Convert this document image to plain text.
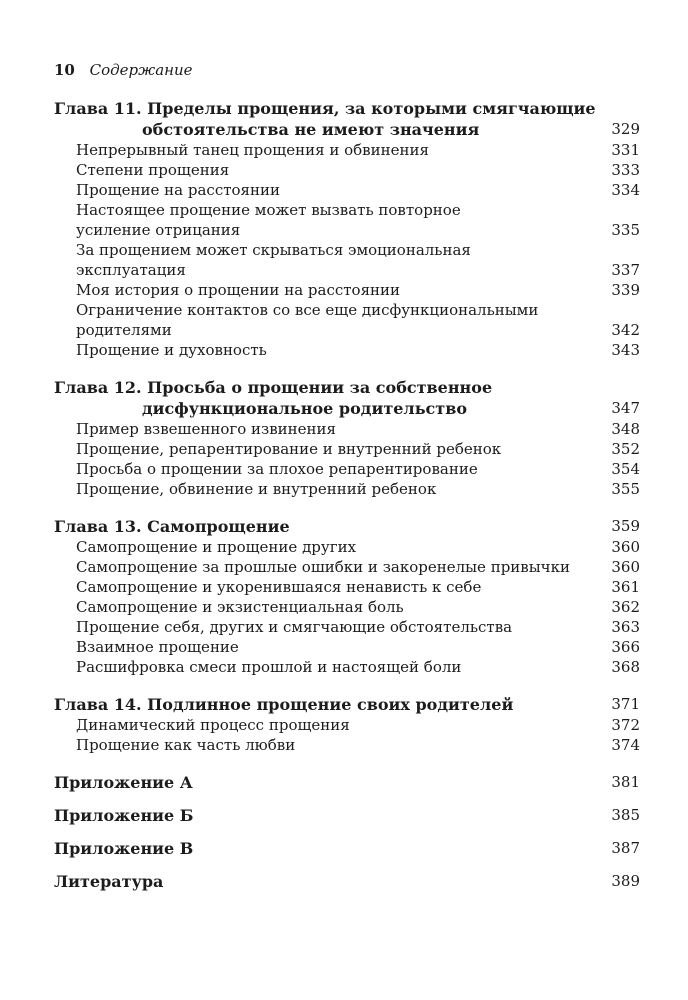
10 Содержание
Глава 11. Пределы прощения, за которыми смягчающие
обстоятельства не имеют значения	329
Непрерывный танец прощения и обвинения	331
Степени прощения	333
Прощение на расстоянии	334
Настоящее прощение может вызвать повторное
усиление отрицания	335
За прощением может скрываться эмоциональная
эксплуатация	337
Моя история о прощении на расстоянии	339
Ограничение контактов со все еще дисфункциональными
родителями	342
Прощение и духовность	343
Глава 12. Просьба о прощении за собственное
дисфункциональное родительство	347
Пример взвешенного извинения	348
Прощение, репарентирование и внутренний ребенок	352
Просьба о прощении за плохое репарентирование	354
Прощение, обвинение и внутренний ребенок	355
Глава 13. Самопрощение	359
Самопрощение и прощение других	360
Самопрощение за прошлые ошибки и закоренелые привычки	360
Самопрощение и укоренившаяся ненависть к себе	361
Самопрощение и экзистенциальная боль	362
Прощение себя, других и смягчающие обстоятельства	363
Взаимное прощение	366
Расшифровка смеси прошлой и настоящей боли	368
Глава 14. Подлинное прощение своих родителей	371
Динамический процесс прощения	372
Прощение как часть любви	374
Приложение А	381
Приложение Б	385
Приложение В	387
Литература	389
